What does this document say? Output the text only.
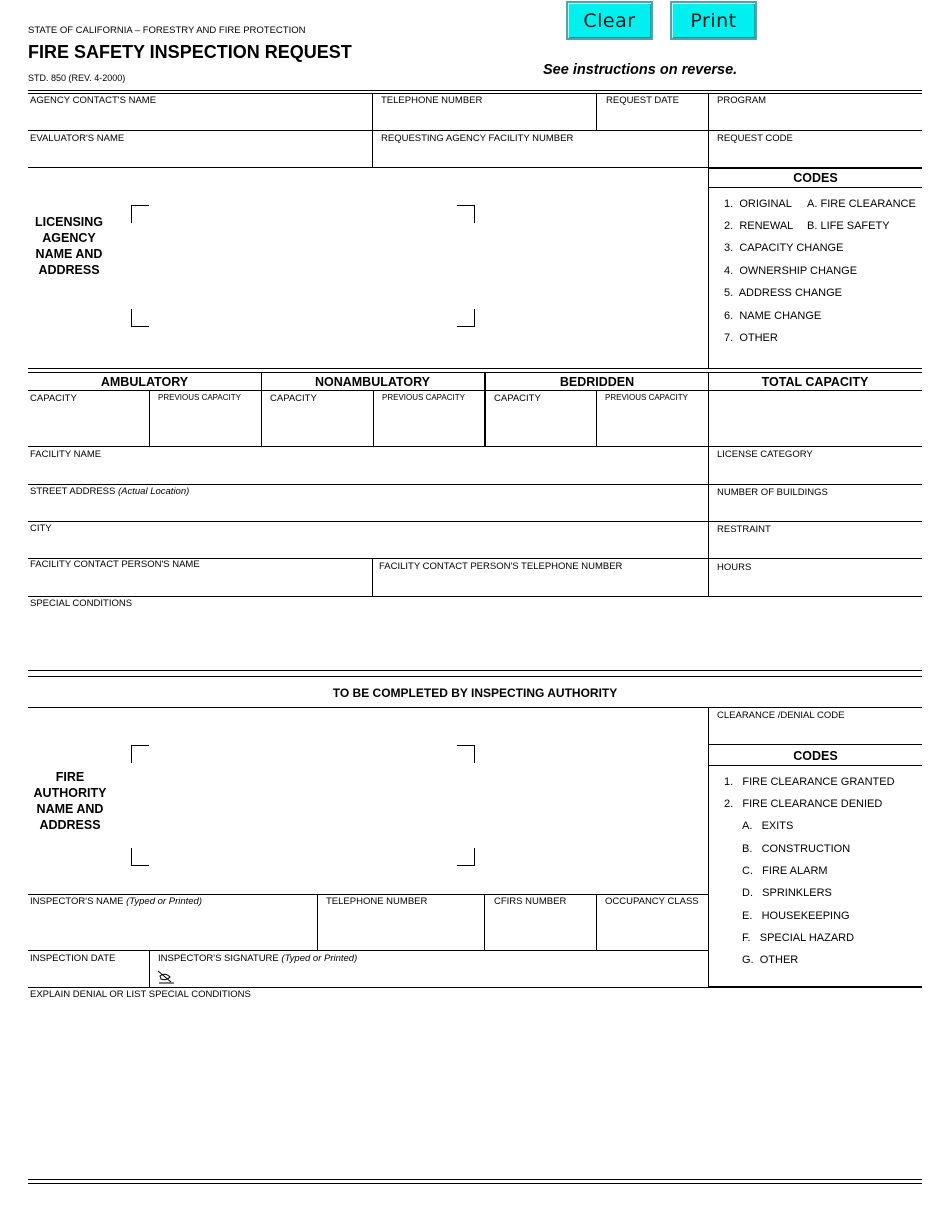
STATE OF CALIFORNIA – FORESTRY AND FIRE PROTECTION
FIRE SAFETY INSPECTION REQUEST
STD. 850 (REV. 4-2000)	See instructions on reverse.
Clear	Print
AGENCY CONTACT'S NAME	TELEPHONE NUMBER	REQUEST DATE	PROGRAM
EVALUATOR'S NAME	REQUESTING AGENCY FACILITY NUMBER	REQUEST CODE
LICENSING AGENCY NAME AND ADDRESS
CODES
1. ORIGINAL A. FIRE CLEARANCE
2. RENEWAL B. LIFE SAFETY
3. CAPACITY CHANGE
4. OWNERSHIP CHANGE
5. ADDRESS CHANGE
6. NAME CHANGE
7. OTHER
AMBULATORY	NONAMBULATORY	BEDRIDDEN	TOTAL CAPACITY
CAPACITY	PREVIOUS CAPACITY	CAPACITY	PREVIOUS CAPACITY	CAPACITY	PREVIOUS CAPACITY
FACILITY NAME	LICENSE CATEGORY
STREET ADDRESS (Actual Location)	NUMBER OF BUILDINGS
CITY	RESTRAINT
FACILITY CONTACT PERSON'S NAME	FACILITY CONTACT PERSON'S TELEPHONE NUMBER	HOURS
SPECIAL CONDITIONS
TO BE COMPLETED BY INSPECTING AUTHORITY
CLEARANCE /DENIAL CODE
CODES
1. FIRE CLEARANCE GRANTED
2. FIRE CLEARANCE DENIED
A. EXITS
B. CONSTRUCTION
C. FIRE ALARM
D. SPRINKLERS
E. HOUSEKEEPING
F. SPECIAL HAZARD
G. OTHER
FIRE AUTHORITY NAME AND ADDRESS
INSPECTOR'S NAME (Typed or Printed)	TELEPHONE NUMBER	CFIRS NUMBER	OCCUPANCY CLASS
INSPECTION DATE	INSPECTOR'S SIGNATURE (Typed or Printed)
EXPLAIN DENIAL OR LIST SPECIAL CONDITIONS
